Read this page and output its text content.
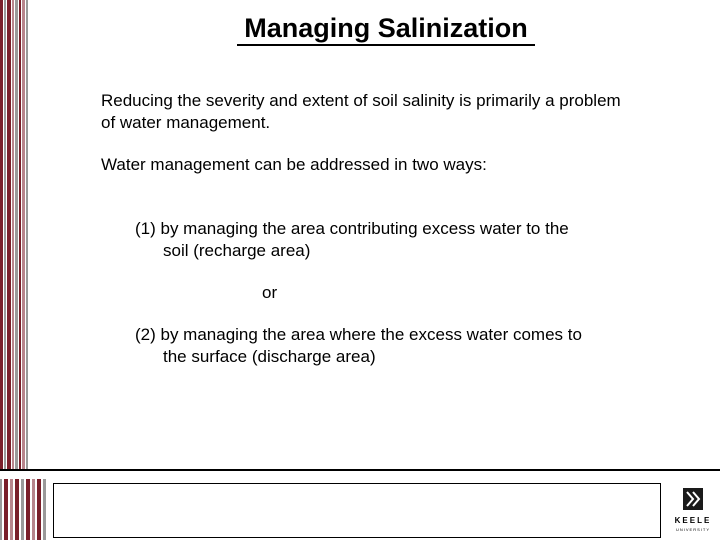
Managing Salinization
Reducing the severity and extent of soil salinity is primarily a problem of water management.
Water management can be addressed in two ways:
(1) by managing the area contributing excess water to the
soil (recharge area)
or
(2) by managing the area where the excess water comes to
the surface (discharge area)
KEELE
UNIVERSITY
